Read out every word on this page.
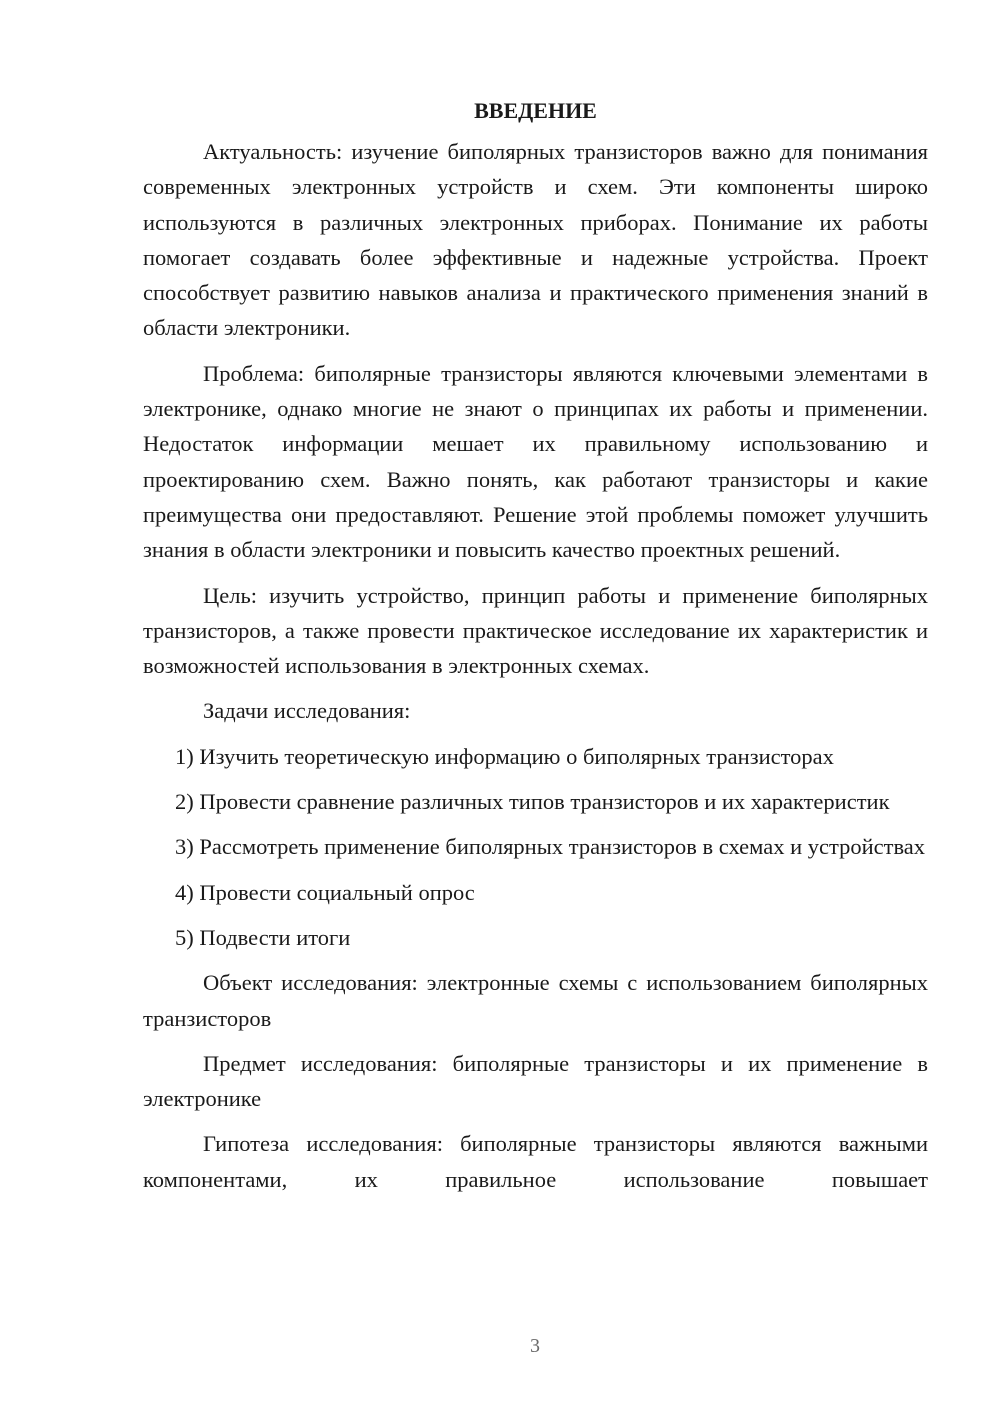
ВВЕДЕНИЕ

Актуальность: изучение биполярных транзисторов важно для понимания современных электронных устройств и схем. Эти компоненты широко используются в различных электронных приборах. Понимание их работы помогает создавать более эффективные и надежные устройства. Проект способствует развитию навыков анализа и практического применения знаний в области электроники.

Проблема: биполярные транзисторы являются ключевыми элементами в электронике, однако многие не знают о принципах их работы и применении. Недостаток информации мешает их правильному использованию и проектированию схем. Важно понять, как работают транзисторы и какие преимущества они предоставляют. Решение этой проблемы поможет улучшить знания в области электроники и повысить качество проектных решений.

Цель: изучить устройство, принцип работы и применение биполярных транзисторов, а также провести практическое исследование их характеристик и возможностей использования в электронных схемах.

Задачи исследования:

1) Изучить теоретическую информацию о биполярных транзисторах

2) Провести сравнение различных типов транзисторов и их характеристик

3) Рассмотреть применение биполярных транзисторов в схемах и устройствах

4) Провести социальный опрос

5) Подвести итоги

Объект исследования: электронные схемы с использованием биполярных транзисторов

Предмет исследования: биполярные транзисторы и их применение в электронике

Гипотеза исследования: биполярные транзисторы являются важными компонентами, их правильное использование повышает

3
